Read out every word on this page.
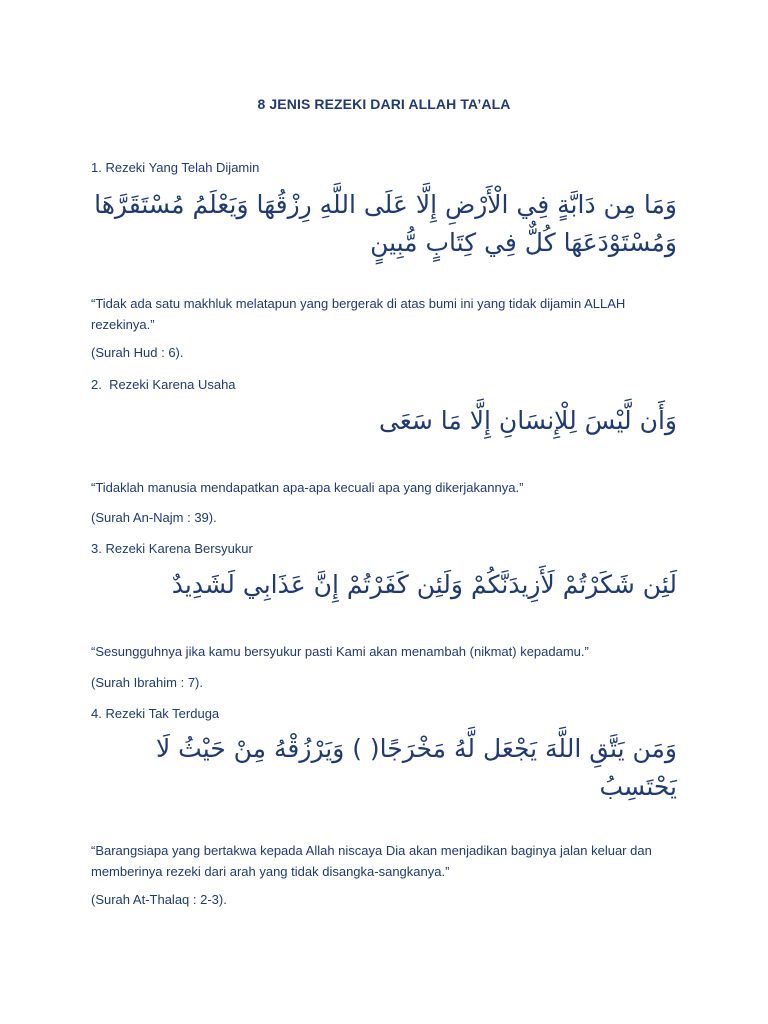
8 JENIS REZEKI DARI ALLAH TA’ALA
1. Rezeki Yang Telah Dijamin
وَمَا مِن دَابَّةٍ فِي الْأَرْضِ إِلَّا عَلَى اللَّهِ رِزْقُهَا وَيَعْلَمُ مُسْتَقَرَّهَا وَمُسْتَوْدَعَهَا كُلٌّ فِي كِتَابٍ مُّبِينٍ
“Tidak ada satu makhluk melatapun yang bergerak di atas bumi ini yang tidak dijamin ALLAH rezekinya.”
(Surah Hud : 6).
2.  Rezeki Karena Usaha
وَأَن لَّيْسَ لِلْإِنسَانِ إِلَّا مَا سَعَى
“Tidaklah manusia mendapatkan apa-apa kecuali apa yang dikerjakannya.”
(Surah An-Najm : 39).
3. Rezeki Karena Bersyukur
لَئِن شَكَرْتُمْ لَأَزِيدَنَّكُمْ وَلَئِن كَفَرْتُمْ إِنَّ عَذَابِي لَشَدِيدٌ
“Sesungguhnya jika kamu bersyukur pasti Kami akan menambah (nikmat) kepadamu.”
(Surah Ibrahim : 7).
4. Rezeki Tak Terduga
وَمَن يَتَّقِ اللَّهَ يَجْعَل لَّهُ مَخْرَجًا( ) وَيَرْزُقْهُ مِنْ حَيْثُ لَا يَحْتَسِبُ
“Barangsiapa yang bertakwa kepada Allah niscaya Dia akan menjadikan baginya jalan keluar dan memberinya rezeki dari arah yang tidak disangka-sangkanya.”
(Surah At-Thalaq : 2-3).
